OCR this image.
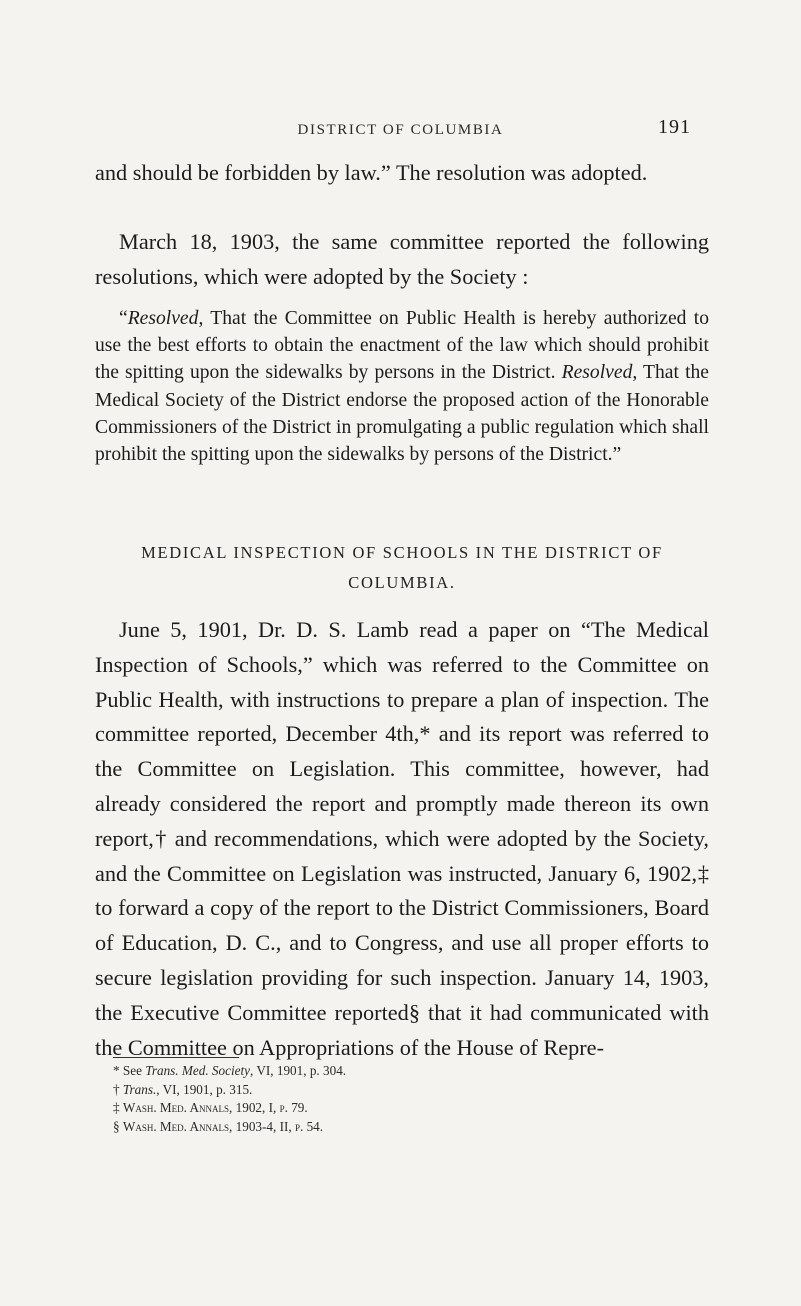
DISTRICT OF COLUMBIA	191

and should be forbidden by law.” The resolution was adopted.

March 18, 1903, the same committee reported the following resolutions, which were adopted by the Society :

“Resolved, That the Committee on Public Health is hereby authorized to use the best efforts to obtain the enactment of the law which should prohibit the spitting upon the sidewalks by persons in the District. Resolved, That the Medical Society of the District endorse the proposed action of the Honorable Commissioners of the District in promulgating a public regulation which shall prohibit the spitting upon the sidewalks by persons of the District.”

MEDICAL INSPECTION OF SCHOOLS IN THE DISTRICT OF
COLUMBIA.

June 5, 1901, Dr. D. S. Lamb read a paper on “The Medical Inspection of Schools,” which was referred to the Committee on Public Health, with instructions to prepare a plan of inspection. The committee reported, December 4th,* and its report was referred to the Committee on Legislation. This committee, however, had already considered the report and promptly made thereon its own report,† and recommendations, which were adopted by the Society, and the Committee on Legislation was instructed, January 6, 1902,‡ to forward a copy of the report to the District Commissioners, Board of Education, D. C., and to Congress, and use all proper efforts to secure legislation providing for such inspection. January 14, 1903, the Executive Committee reported§ that it had communicated with the Committee on Appropriations of the House of Repre-

* See Trans. Med. Society, VI, 1901, p. 304.

† Trans., VI, 1901, p. 315.

‡ Wash. Med. Annals, 1902, I, p. 79.

§ Wash. Med. Annals, 1903-4, II, p. 54.
